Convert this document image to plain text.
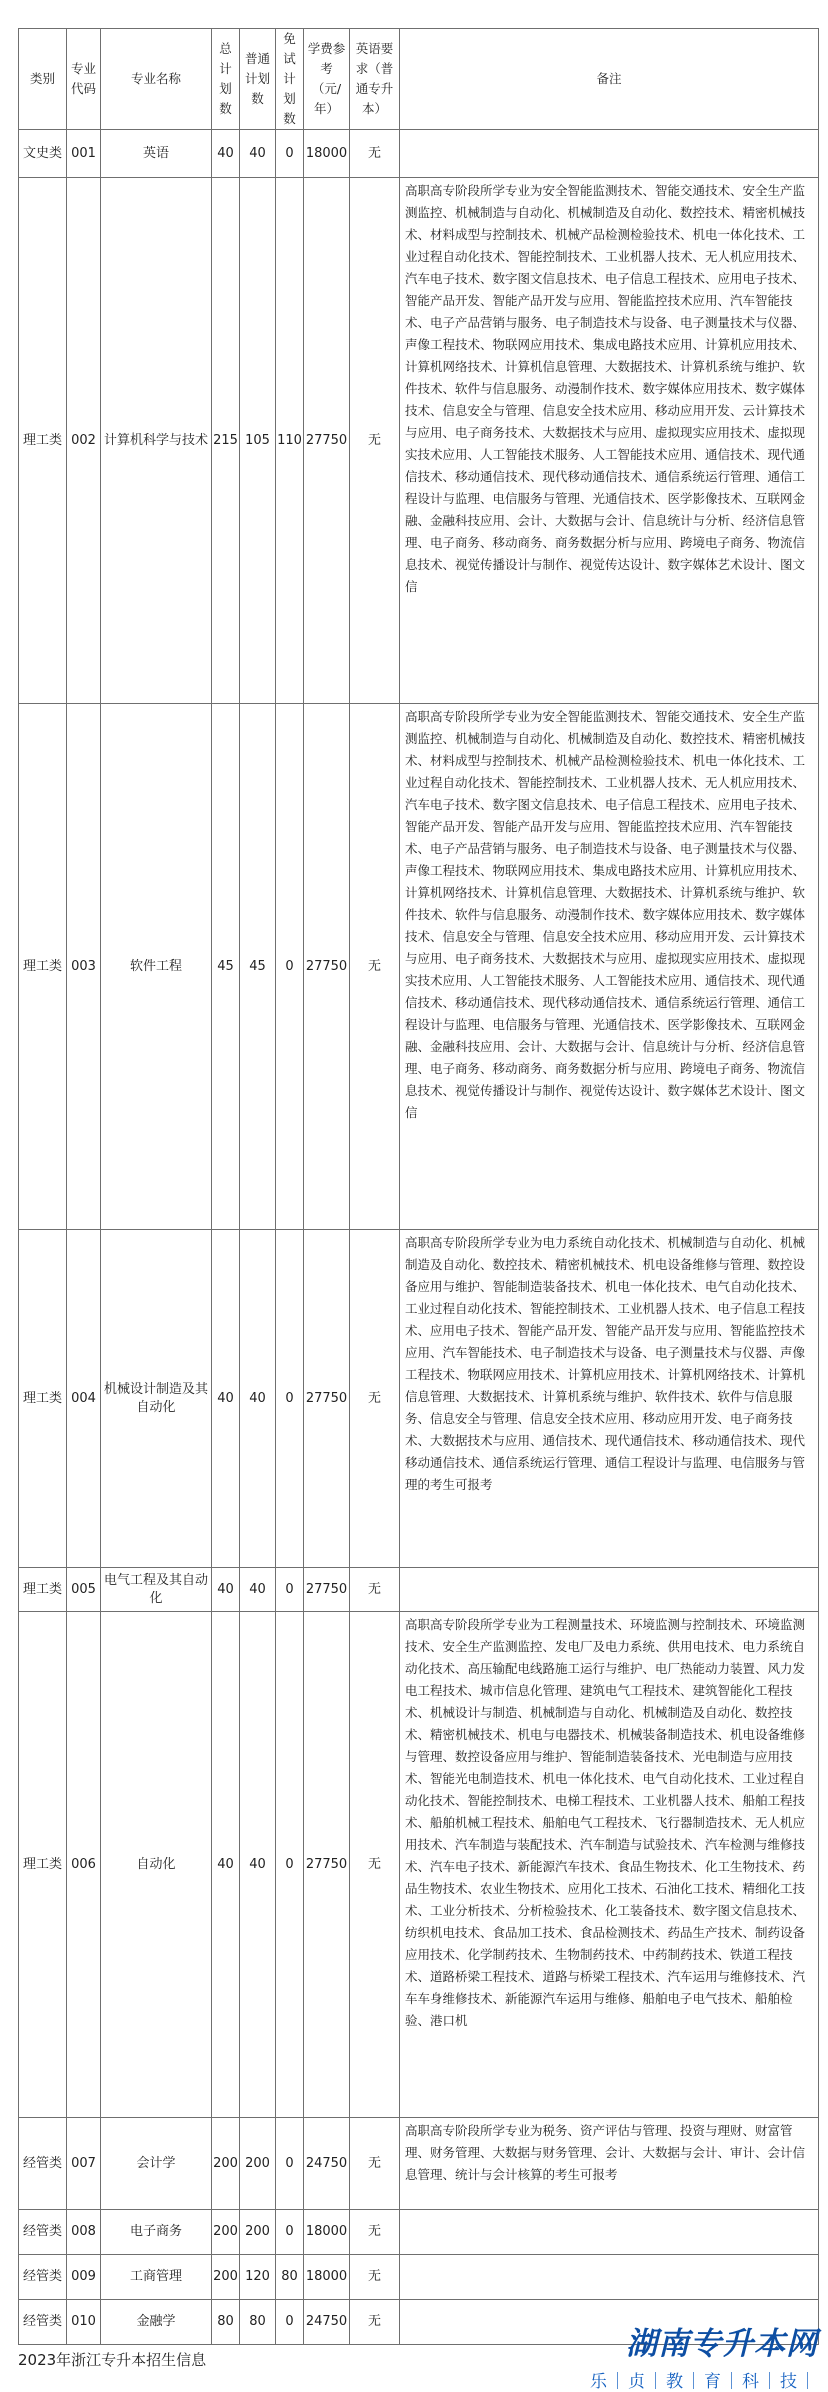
类别	专业代码	专业名称	总计划数	普通计划数	免试计划数	学费参考（元/年）	英语要求（普通专升本）	备注
文史类	001	英语	40	40	0	18000	无	
理工类	002	计算机科学与技术	215	105	110	27750	无	高职高专阶段所学专业为安全智能监测技术、智能交通技术、安全生产监测监控、机械制造与自动化、机械制造及自动化、数控技术、精密机械技术、材料成型与控制技术、机械产品检测检验技术、机电一体化技术、工业过程自动化技术、智能控制技术、工业机器人技术、无人机应用技术、汽车电子技术、数字图文信息技术、电子信息工程技术、应用电子技术、智能产品开发、智能产品开发与应用、智能监控技术应用、汽车智能技术、电子产品营销与服务、电子制造技术与设备、电子测量技术与仪器、声像工程技术、物联网应用技术、集成电路技术应用、计算机应用技术、计算机网络技术、计算机信息管理、大数据技术、计算机系统与维护、软件技术、软件与信息服务、动漫制作技术、数字媒体应用技术、数字媒体技术、信息安全与管理、信息安全技术应用、移动应用开发、云计算技术与应用、电子商务技术、大数据技术与应用、虚拟现实应用技术、虚拟现实技术应用、人工智能技术服务、人工智能技术应用、通信技术、现代通信技术、移动通信技术、现代移动通信技术、通信系统运行管理、通信工程设计与监理、电信服务与管理、光通信技术、医学影像技术、互联网金融、金融科技应用、会计、大数据与会计、信息统计与分析、经济信息管理、电子商务、移动商务、商务数据分析与应用、跨境电子商务、物流信息技术、视觉传播设计与制作、视觉传达设计、数字媒体艺术设计、图文信
理工类	003	软件工程	45	45	0	27750	无	高职高专阶段所学专业为安全智能监测技术、智能交通技术、安全生产监测监控、机械制造与自动化、机械制造及自动化、数控技术、精密机械技术、材料成型与控制技术、机械产品检测检验技术、机电一体化技术、工业过程自动化技术、智能控制技术、工业机器人技术、无人机应用技术、汽车电子技术、数字图文信息技术、电子信息工程技术、应用电子技术、智能产品开发、智能产品开发与应用、智能监控技术应用、汽车智能技术、电子产品营销与服务、电子制造技术与设备、电子测量技术与仪器、声像工程技术、物联网应用技术、集成电路技术应用、计算机应用技术、计算机网络技术、计算机信息管理、大数据技术、计算机系统与维护、软件技术、软件与信息服务、动漫制作技术、数字媒体应用技术、数字媒体技术、信息安全与管理、信息安全技术应用、移动应用开发、云计算技术与应用、电子商务技术、大数据技术与应用、虚拟现实应用技术、虚拟现实技术应用、人工智能技术服务、人工智能技术应用、通信技术、现代通信技术、移动通信技术、现代移动通信技术、通信系统运行管理、通信工程设计与监理、电信服务与管理、光通信技术、医学影像技术、互联网金融、金融科技应用、会计、大数据与会计、信息统计与分析、经济信息管理、电子商务、移动商务、商务数据分析与应用、跨境电子商务、物流信息技术、视觉传播设计与制作、视觉传达设计、数字媒体艺术设计、图文信
理工类	004	机械设计制造及其自动化	40	40	0	27750	无	高职高专阶段所学专业为电力系统自动化技术、机械制造与自动化、机械制造及自动化、数控技术、精密机械技术、机电设备维修与管理、数控设备应用与维护、智能制造装备技术、机电一体化技术、电气自动化技术、工业过程自动化技术、智能控制技术、工业机器人技术、电子信息工程技术、应用电子技术、智能产品开发、智能产品开发与应用、智能监控技术应用、汽车智能技术、电子制造技术与设备、电子测量技术与仪器、声像工程技术、物联网应用技术、计算机应用技术、计算机网络技术、计算机信息管理、大数据技术、计算机系统与维护、软件技术、软件与信息服务、信息安全与管理、信息安全技术应用、移动应用开发、电子商务技术、大数据技术与应用、通信技术、现代通信技术、移动通信技术、现代移动通信技术、通信系统运行管理、通信工程设计与监理、电信服务与管理的考生可报考
理工类	005	电气工程及其自动化	40	40	0	27750	无	
理工类	006	自动化	40	40	0	27750	无	高职高专阶段所学专业为工程测量技术、环境监测与控制技术、环境监测技术、安全生产监测监控、发电厂及电力系统、供用电技术、电力系统自动化技术、高压输配电线路施工运行与维护、电厂热能动力装置、风力发电工程技术、城市信息化管理、建筑电气工程技术、建筑智能化工程技术、机械设计与制造、机械制造与自动化、机械制造及自动化、数控技术、精密机械技术、机电与电器技术、机械装备制造技术、机电设备维修与管理、数控设备应用与维护、智能制造装备技术、光电制造与应用技术、智能光电制造技术、机电一体化技术、电气自动化技术、工业过程自动化技术、智能控制技术、电梯工程技术、工业机器人技术、船舶工程技术、船舶机械工程技术、船舶电气工程技术、飞行器制造技术、无人机应用技术、汽车制造与装配技术、汽车制造与试验技术、汽车检测与维修技术、汽车电子技术、新能源汽车技术、食品生物技术、化工生物技术、药品生物技术、农业生物技术、应用化工技术、石油化工技术、精细化工技术、工业分析技术、分析检验技术、化工装备技术、数字图文信息技术、纺织机电技术、食品加工技术、食品检测技术、药品生产技术、制药设备应用技术、化学制药技术、生物制药技术、中药制药技术、铁道工程技术、道路桥梁工程技术、道路与桥梁工程技术、汽车运用与维修技术、汽车车身维修技术、新能源汽车运用与维修、船舶电子电气技术、船舶检验、港口机
经管类	007	会计学	200	200	0	24750	无	高职高专阶段所学专业为税务、资产评估与管理、投资与理财、财富管理、财务管理、大数据与财务管理、会计、大数据与会计、审计、会计信息管理、统计与会计核算的考生可报考
经管类	008	电子商务	200	200	0	18000	无	
经管类	009	工商管理	200	120	80	18000	无	
经管类	010	金融学	80	80	0	24750	无	
2023年浙江专升本招生信息	湖南专升本网
乐｜贞｜教｜育｜科｜技｜
